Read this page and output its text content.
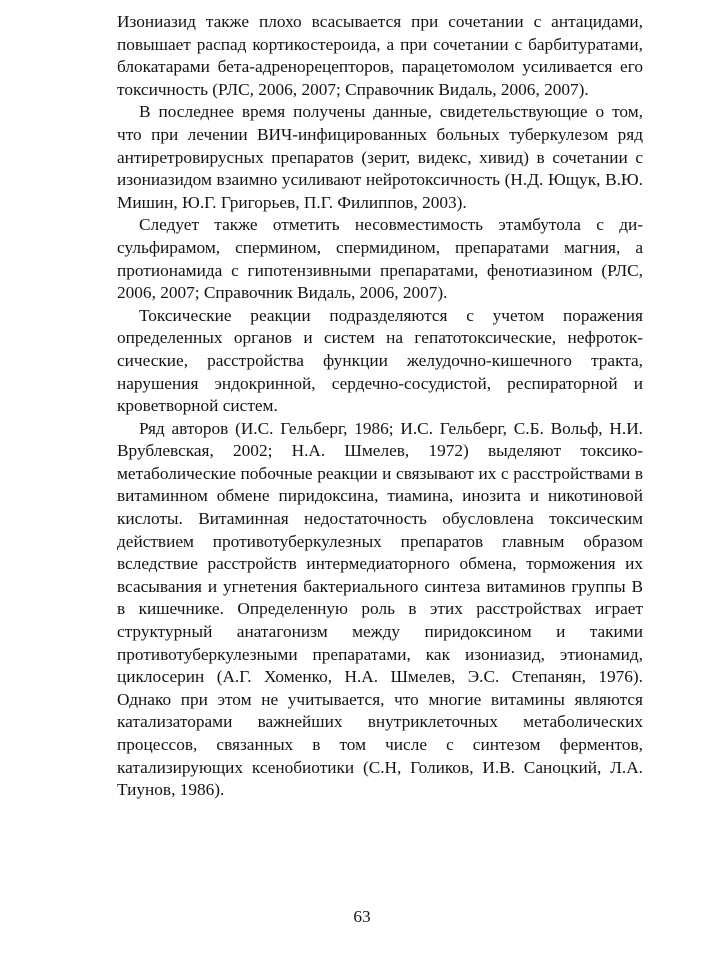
Изониазид также плохо всасывается при сочетании с антацидами, повышает распад кортикостероида, а при сочетании с барбитуратами, блокатарами бета-адренорецепторов, парацетомолом усиливается его токсичность (РЛС, 2006, 2007; Справочник Видаль, 2006, 2007).

В последнее время получены данные, свидетельствующие о том, что при лечении ВИЧ-инфицированных больных туберкулезом ряд антиретровирусных препаратов (зерит, видекс, хивид) в сочетании с изониазидом взаимно усиливают нейротоксичность (Н.Д. Ющук, В.Ю. Мишин, Ю.Г. Григорьев, П.Г. Филиппов, 2003).

Следует также отметить несовместимость этамбутола с дисульфирамом, спермином, спермидином, препаратами магния, а протионамида с гипотензивными препаратами, фенотиазином (РЛС, 2006, 2007; Справочник Видаль, 2006, 2007).

Токсические реакции подразделяются с учетом поражения определенных органов и систем на гепатотоксические, нефротоксические, расстройства функции желудочно-кишечного тракта, нарушения эндокринной, сердечно-сосудистой, респираторной и кроветворной систем.

Ряд авторов (И.С. Гельберг, 1986; И.С. Гельберг, С.Б. Вольф, Н.И. Врублевская, 2002; Н.А. Шмелев, 1972) выделяют токсикометаболические побочные реакции и связывают их с расстройствами в витаминном обмене пиридоксина, тиамина, инозита и никотиновой кислоты. Витаминная недостаточность обусловлена токсическим действием противотуберкулезных препаратов главным образом вследствие расстройств интермедиаторного обмена, торможения их всасывания и угнетения бактериального синтеза витаминов группы В в кишечнике. Определенную роль в этих расстройствах играет структурный анатагонизм между пиридоксином и такими противотуберкулезными препаратами, как изониазид, этионамид, циклосерин (А.Г. Хоменко, Н.А. Шмелев, Э.С. Степанян, 1976). Однако при этом не учитывается, что многие витамины являются катализаторами важнейших внутриклеточных метаболических процессов, связанных в том числе с синтезом ферментов, катализирующих ксенобиотики (С.Н, Голиков, И.В. Саноцкий, Л.А. Тиунов, 1986).

63
